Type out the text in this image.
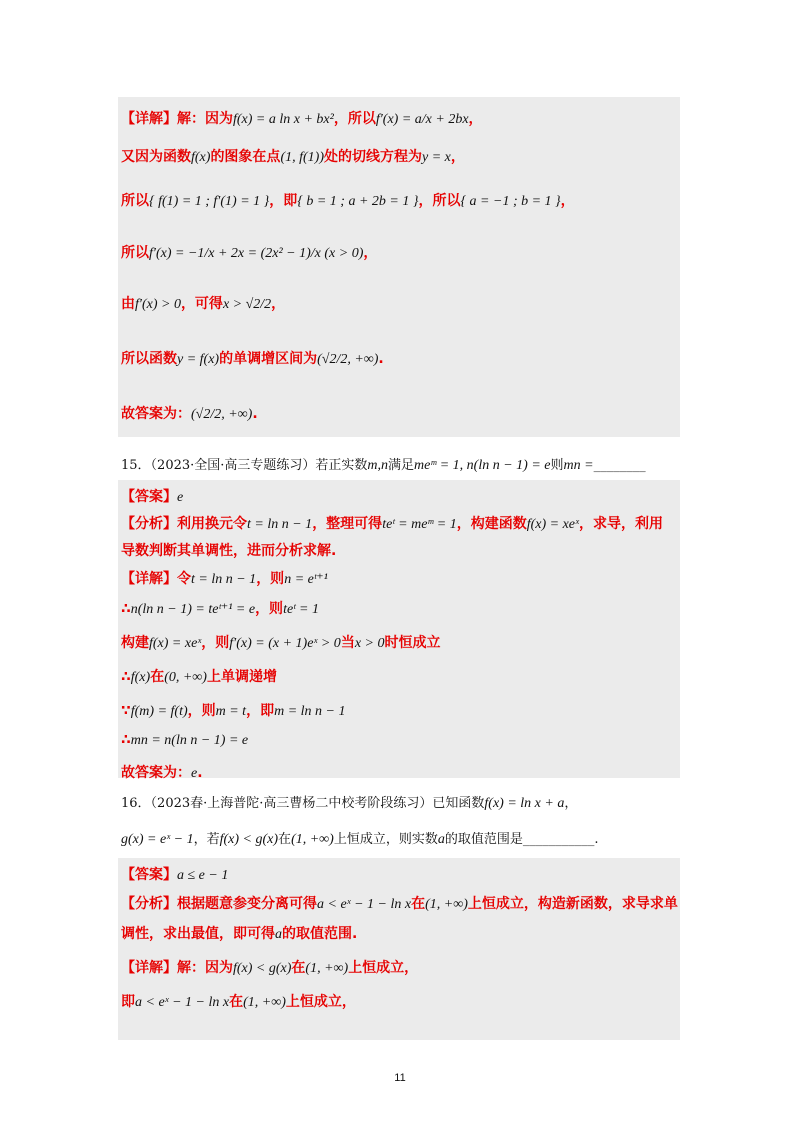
【详解】解：因为f(x) = a ln x + bx²，所以f′(x) = a/x + 2bx，
又因为函数f(x)的图象在点(1, f(1))处的切线方程为y = x，
所以{ f(1) = 1 ; f′(1) = 1 }，即{ b = 1 ; a + 2b = 1 }，所以{ a = −1 ; b = 1 }，
所以f′(x) = −1/x + 2x = (2x² − 1)/x (x > 0)，
由f′(x) > 0，可得x > √2/2，
所以函数y = f(x)的单调增区间为(√2/2, +∞).
故答案为：(√2/2, +∞).
15．（2023·全国·高三专题练习）若正实数m,n满足meᵐ = 1, n(ln n − 1) = e则mn =________
【答案】e
【分析】利用换元令t = ln n − 1，整理可得teᵗ = meᵐ = 1，构建函数f(x) = xeˣ，求导，利用
导数判断其单调性，进而分析求解.
【详解】令t = ln n − 1，则n = eᵗ⁺¹
∴n(ln n − 1) = teᵗ⁺¹ = e，则teᵗ = 1
构建f(x) = xeˣ，则f′(x) = (x + 1)eˣ > 0当x > 0时恒成立
∴f(x)在(0, +∞)上单调递增
∵f(m) = f(t)，则m = t，即m = ln n − 1
∴mn = n(ln n − 1) = e
故答案为：e.
16．（2023春·上海普陀·高三曹杨二中校考阶段练习）已知函数f(x) = ln x + a，
g(x) = eˣ − 1，若f(x) < g(x)在(1, +∞)上恒成立，则实数a的取值范围是___________.
【答案】a ≤ e − 1
【分析】根据题意参变分离可得a < eˣ − 1 − ln x在(1, +∞)上恒成立，构造新函数，求导求单
调性，求出最值，即可得a的取值范围.
【详解】解：因为f(x) < g(x)在(1, +∞)上恒成立，
即a < eˣ − 1 − ln x在(1, +∞)上恒成立，
11
